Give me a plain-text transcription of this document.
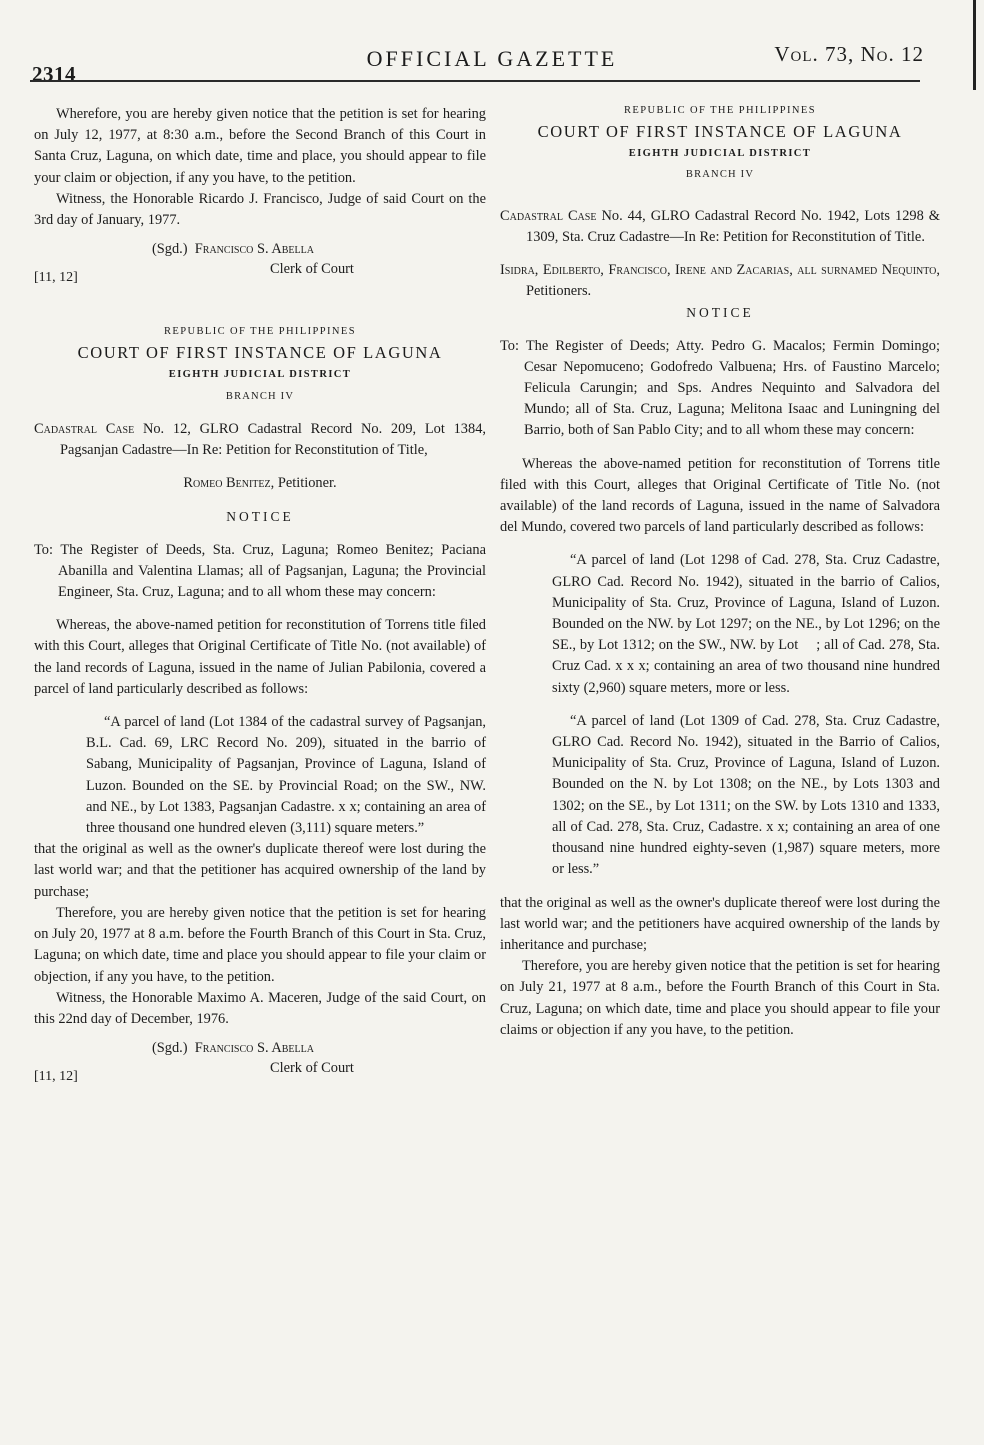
2314
OFFICIAL GAZETTE	Vol. 73, No. 12

Wherefore, you are hereby given notice that the petition is set for hearing on July 12, 1977, at 8:30 a.m., before the Second Branch of this Court in Santa Cruz, Laguna, on which date, time and place, you should appear to file your claim or objection, if any you have, to the petition.

Witness, the Honorable Ricardo J. Francisco, Judge of said Court on the 3rd day of January, 1977.

(Sgd.) Francisco S. Abella
Clerk of Court
[11, 12]
REPUBLIC OF THE PHILIPPINES
COURT OF FIRST INSTANCE OF LAGUNA
EIGHTH JUDICIAL DISTRICT
BRANCH IV

Cadastral Case No. 12, GLRO Cadastral Record No. 209, Lot 1384, Pagsanjan Cadastre—In Re: Petition for Reconstitution of Title,

Romeo Benitez, Petitioner.

NOTICE

To: The Register of Deeds, Sta. Cruz, Laguna; Romeo Benitez; Paciana Abanilla and Valentina Llamas; all of Pagsanjan, Laguna; the Provincial Engineer, Sta. Cruz, Laguna; and to all whom these may concern:

Whereas, the above-named petition for reconstitution of Torrens title filed with this Court, alleges that Original Certificate of Title No. (not available) of the land records of Laguna, issued in the name of Julian Pabilonia, covered a parcel of land particularly described as follows:

“A parcel of land (Lot 1384 of the cadastral survey of Pagsanjan, B.L. Cad. 69, LRC Record No. 209), situated in the barrio of Sabang, Municipality of Pagsanjan, Province of Laguna, Island of Luzon. Bounded on the SE. by Provincial Road; on the SW., NW. and NE., by Lot 1383, Pagsanjan Cadastre. x x; containing an area of three thousand one hundred eleven (3,111) square meters.”

that the original as well as the owner's duplicate thereof were lost during the last world war; and that the petitioner has acquired ownership of the land by purchase;

Therefore, you are hereby given notice that the petition is set for hearing on July 20, 1977 at 8 a.m. before the Fourth Branch of this Court in Sta. Cruz, Laguna; on which date, time and place you should appear to file your claim or objection, if any you have, to the petition.

Witness, the Honorable Maximo A. Maceren, Judge of the said Court, on this 22nd day of December, 1976.

(Sgd.) Francisco S. Abella
Clerk of Court
[11, 12]
REPUBLIC OF THE PHILIPPINES
COURT OF FIRST INSTANCE OF LAGUNA
EIGHTH JUDICIAL DISTRICT
BRANCH IV

Cadastral Case No. 44, GLRO Cadastral Record No. 1942, Lots 1298 & 1309, Sta. Cruz Cadastre—In Re: Petition for Reconstitution of Title.

Isidra, Edilberto, Francisco, Irene and Zacarias, all surnamed Nequinto, Petitioners.

NOTICE

To: The Register of Deeds; Atty. Pedro G. Macalos; Fermin Domingo; Cesar Nepomuceno; Godofredo Valbuena; Hrs. of Faustino Marcelo; Felicula Carungin; and Sps. Andres Nequinto and Salvadora del Mundo; all of Sta. Cruz, Laguna; Melitona Isaac and Luningning del Barrio, both of San Pablo City; and to all whom these may concern:

Whereas the above-named petition for reconstitution of Torrens title filed with this Court, alleges that Original Certificate of Title No. (not available) of the land records of Laguna, issued in the name of Salvadora del Mundo, covered two parcels of land particularly described as follows:

“A parcel of land (Lot 1298 of Cad. 278, Sta. Cruz Cadastre, GLRO Cad. Record No. 1942), situated in the barrio of Calios, Municipality of Sta. Cruz, Province of Laguna, Island of Luzon. Bounded on the NW. by Lot 1297; on the NE., by Lot 1296; on the SE., by Lot 1312; on the SW., NW. by Lot ; all of Cad. 278, Sta. Cruz Cad. x x x; containing an area of two thousand nine hundred sixty (2,960) square meters, more or less.

“A parcel of land (Lot 1309 of Cad. 278, Sta. Cruz Cadastre, GLRO Cad. Record No. 1942), situated in the Barrio of Calios, Municipality of Sta. Cruz, Province of Laguna, Island of Luzon. Bounded on the N. by Lot 1308; on the NE., by Lots 1303 and 1302; on the SE., by Lot 1311; on the SW. by Lots 1310 and 1333, all of Cad. 278, Sta. Cruz, Cadastre. x x; containing an area of one thousand nine hundred eighty-seven (1,987) square meters, more or less.”

that the original as well as the owner's duplicate thereof were lost during the last world war; and the petitioners have acquired ownership of the lands by inheritance and purchase;

Therefore, you are hereby given notice that the petition is set for hearing on July 21, 1977 at 8 a.m., before the Fourth Branch of this Court in Sta. Cruz, Laguna; on which date, time and place you should appear to file your claims or objection if any you have, to the petition.
